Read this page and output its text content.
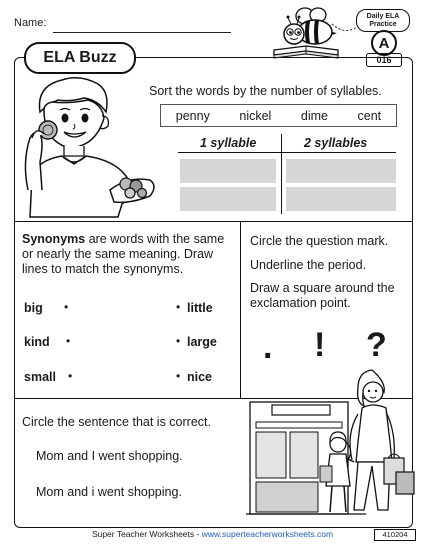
Name:
Daily ELA
Practice
A
016
ELA Buzz
Sort the words by the number of syllables.
penny nickel dime cent
1 syllable	2 syllables
Synonyms are words with the same or nearly the same meaning. Draw lines to match the synonyms.
big •	• little
kind •	• large
small •	• nice
Circle the question mark.
Underline the period.
Draw a square around the exclamation point.
. ! ?
Circle the sentence that is correct.
Mom and I went shopping.
Mom and i went shopping.
Super Teacher Worksheets - www.superteacherworksheets.com	410204
